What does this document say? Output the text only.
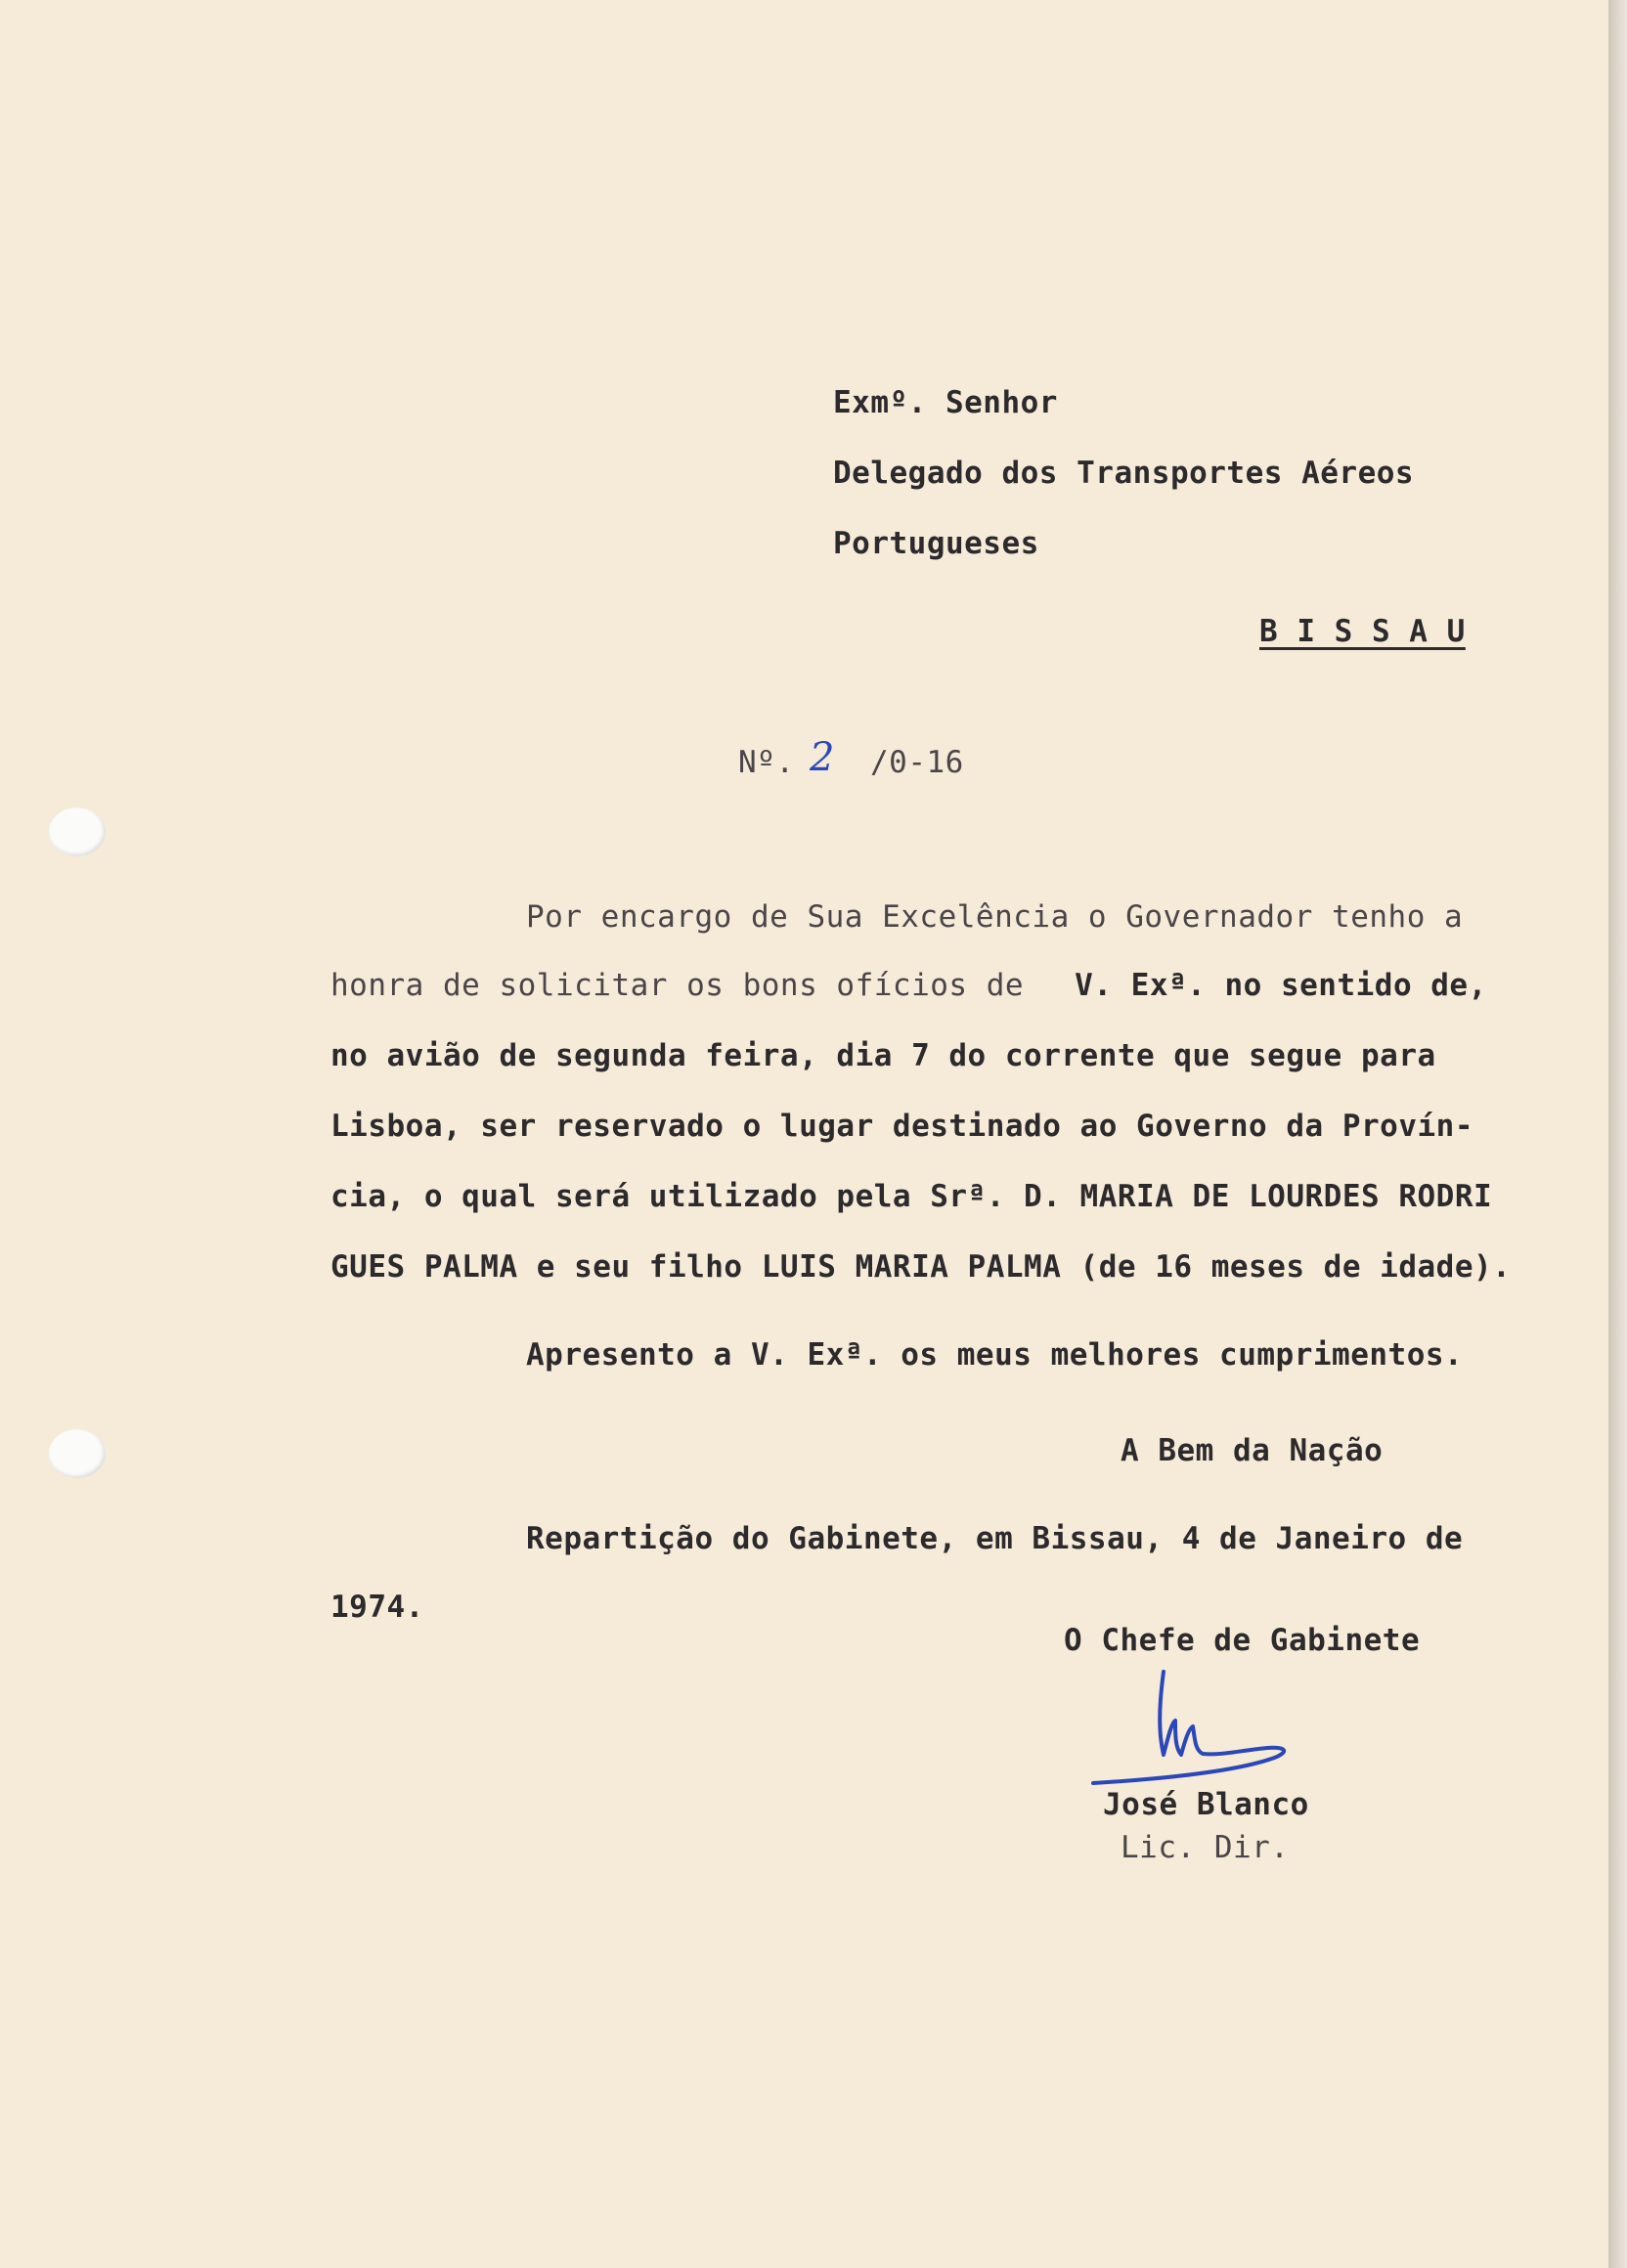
Exmº. Senhor
Delegado dos Transportes Aéreos
Portugueses
B I S S A U
Nº. 2 /0-16
Por encargo de Sua Excelência o Governador tenho a
honra de solicitar os bons ofícios de V. Exª. no sentido de,
no avião de segunda feira, dia 7 do corrente que segue para
Lisboa, ser reservado o lugar destinado ao Governo da Provín-
cia, o qual será utilizado pela Srª. D. MARIA DE LOURDES RODRI
GUES PALMA e seu filho LUIS MARIA PALMA (de 16 meses de idade).
Apresento a V. Exª. os meus melhores cumprimentos.
A Bem da Nação
Repartição do Gabinete, em Bissau, 4 de Janeiro de
1974.
O Chefe de Gabinete
José Blanco
Lic. Dir.
